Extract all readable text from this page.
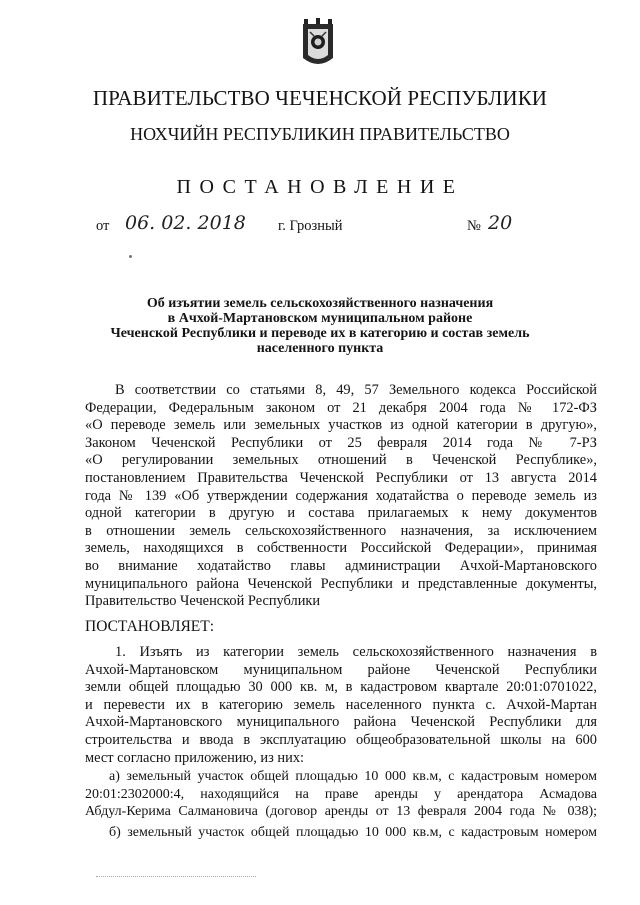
ПРАВИТЕЛЬСТВО ЧЕЧЕНСКОЙ РЕСПУБЛИКИ
НОХЧИЙН РЕСПУБЛИКИН ПРАВИТЕЛЬСТВО
ПОСТАНОВЛЕНИЕ
от 06. 02. 2018 г. Грозный	№ 20
Об изъятии земель сельскохозяйственного назначения
в Ачхой-Мартановском муниципальном районе
Чеченской Республики и переводе их в категорию и состав земель
населенного пункта
В соответствии со статьями 8, 49, 57 Земельного кодекса Российской
Федерации, Федеральным законом от 21 декабря 2004 года № 172-ФЗ
«О переводе земель или земельных участков из одной категории в другую»,
Законом Чеченской Республики от 25 февраля 2014 года № 7-РЗ
«О регулировании земельных отношений в Чеченской Республике»,
постановлением Правительства Чеченской Республики от 13 августа 2014
года № 139 «Об утверждении содержания ходатайства о переводе земель из
одной категории в другую и состава прилагаемых к нему документов
в отношении земель сельскохозяйственного назначения, за исключением
земель, находящихся в собственности Российской Федерации», принимая
во внимание ходатайство главы администрации Ачхой-Мартановского
муниципального района Чеченской Республики и представленные документы,
Правительство Чеченской Республики
ПОСТАНОВЛЯЕТ:
1. Изъять из категории земель сельскохозяйственного назначения в
Ачхой-Мартановском муниципальном районе Чеченской Республики
земли общей площадью 30 000 кв. м, в кадастровом квартале 20:01:0701022,
и перевести их в категорию земель населенного пункта с. Ачхой-Мартан
Ачхой-Мартановского муниципального района Чеченской Республики для
строительства и ввода в эксплуатацию общеобразовательной школы на 600
мест согласно приложению, из них:
а) земельный участок общей площадью 10 000 кв.м, с кадастровым номером
20:01:2302000:4, находящийся на праве аренды у арендатора Асмадова
Абдул-Керима Салмановича (договор аренды от 13 февраля 2004 года № 038);
б) земельный участок общей площадью 10 000 кв.м, с кадастровым номером
